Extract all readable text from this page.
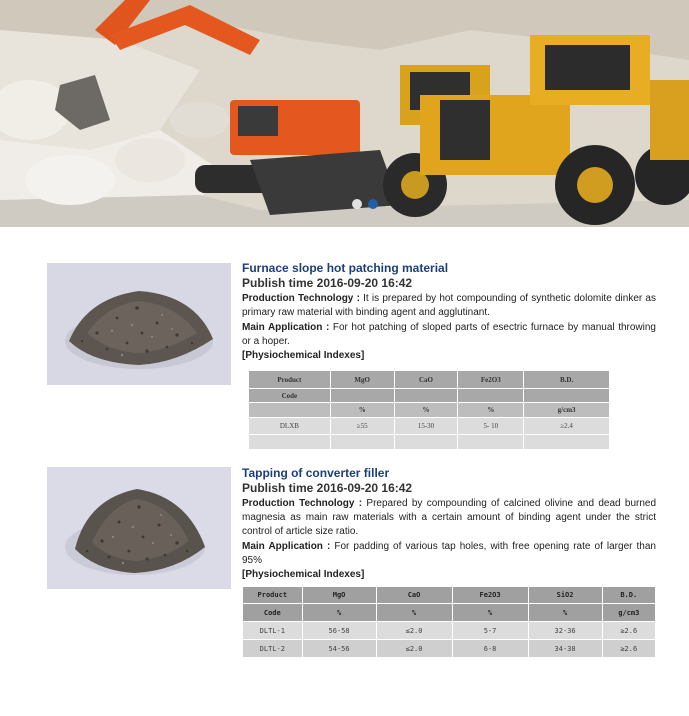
Furnace slope hot patching material
Publish time 2016-09-20 16:42
Production Technology : It is prepared by hot compounding of synthetic dolomite dinker as primary raw material with binding agent and agglutinant.
Main Application : For hot patching of sloped parts of esectric furnace by manual throwing or a hoper.
[Physiochemical Indexes]
Product	MgO	CaO	Fe2O3	B.D.
Code				
	%	%	%	g/cm3
DLXB	≥55	15-30	5- 10	≥2.4

Tapping of converter filler
Publish time 2016-09-20 16:42
Production Technology : Prepared by compounding of calcined olivine and dead burned magnesia as main raw materials with a certain amount of binding agent under the strict control of article size ratio.
Main Application : For padding of various tap holes, with free opening rate of larger than 95%
[Physiochemical Indexes]
Product	MgO	CaO	Fe2O3	SiO2	B.D.
Code	%	%	%	%	g/cm3
DLTL-1	56-58	≤2.0	5-7	32-36	≥2.6
DLTL-2	54-56	≤2.0	6-8	34-38	≥2.6
